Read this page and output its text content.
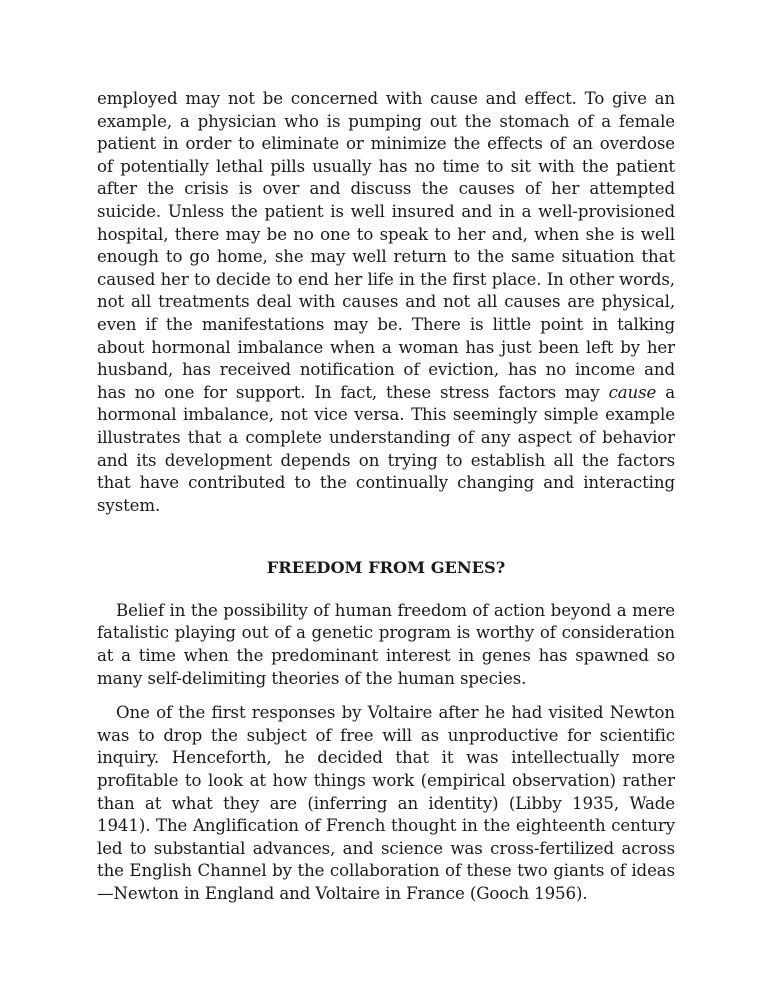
employed may not be concerned with cause and effect. To give an example, a physician who is pumping out the stomach of a female patient in order to eliminate or minimize the effects of an overdose of potentially lethal pills usually has no time to sit with the patient after the crisis is over and discuss the causes of her attempted suicide. Unless the patient is well insured and in a well-provisioned hospital, there may be no one to speak to her and, when she is well enough to go home, she may well return to the same situation that caused her to decide to end her life in the first place. In other words, not all treatments deal with causes and not all causes are physical, even if the manifestations may be. There is little point in talking about hormonal imbalance when a woman has just been left by her husband, has received notification of eviction, has no income and has no one for support. In fact, these stress factors may cause a hormonal imbalance, not vice versa. This seemingly simple example illustrates that a complete understanding of any aspect of behavior and its development depends on trying to establish all the factors that have contributed to the continually changing and interacting system.

FREEDOM FROM GENES?

Belief in the possibility of human freedom of action beyond a mere fatalistic playing out of a genetic program is worthy of consideration at a time when the predominant interest in genes has spawned so many self-delimiting theories of the human species.

One of the first responses by Voltaire after he had visited Newton was to drop the subject of free will as unproductive for scientific inquiry. Henceforth, he decided that it was intellectually more profitable to look at how things work (empirical observation) rather than at what they are (inferring an identity) (Libby 1935, Wade 1941). The Anglification of French thought in the eighteenth century led to substantial advances, and science was cross-fertilized across the English Channel by the collaboration of these two giants of ideas—Newton in England and Voltaire in France (Gooch 1956).
